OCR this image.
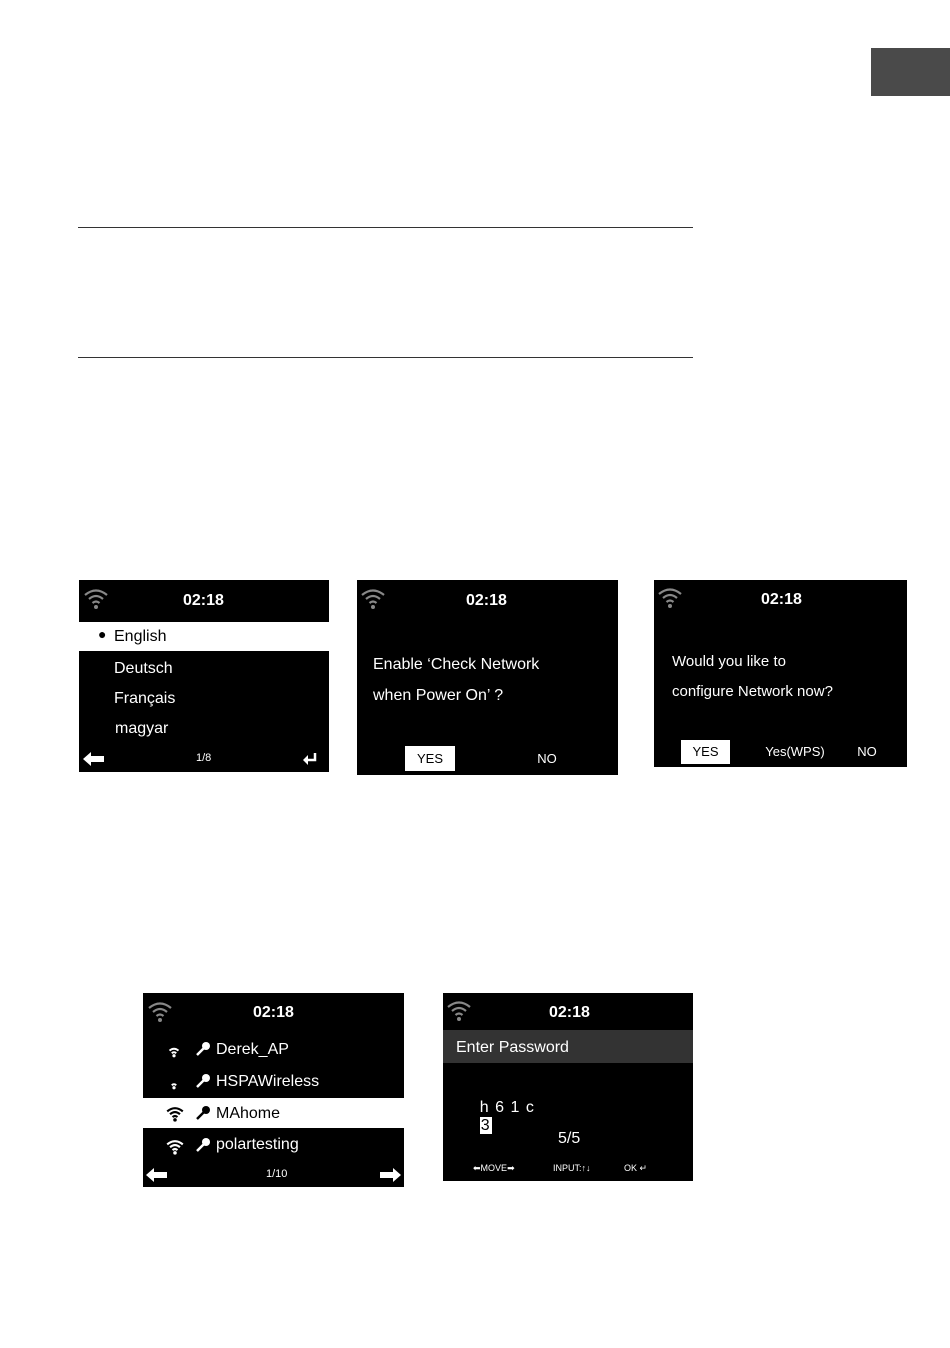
02:18
● English
Deutsch
Français
magyar
1/8
02:18
Enable ‘Check Network
when Power On’ ?
YES	NO
02:18
Would you like to
configure Network now?
YES	Yes(WPS)	NO
02:18
Derek_AP
HSPAWireless
MAhome
polartesting
1/10
02:18
Enter Password

h 6 1 c
3

5/5
⬅MOVE➡	INPUT:↑↓	OK ↵
